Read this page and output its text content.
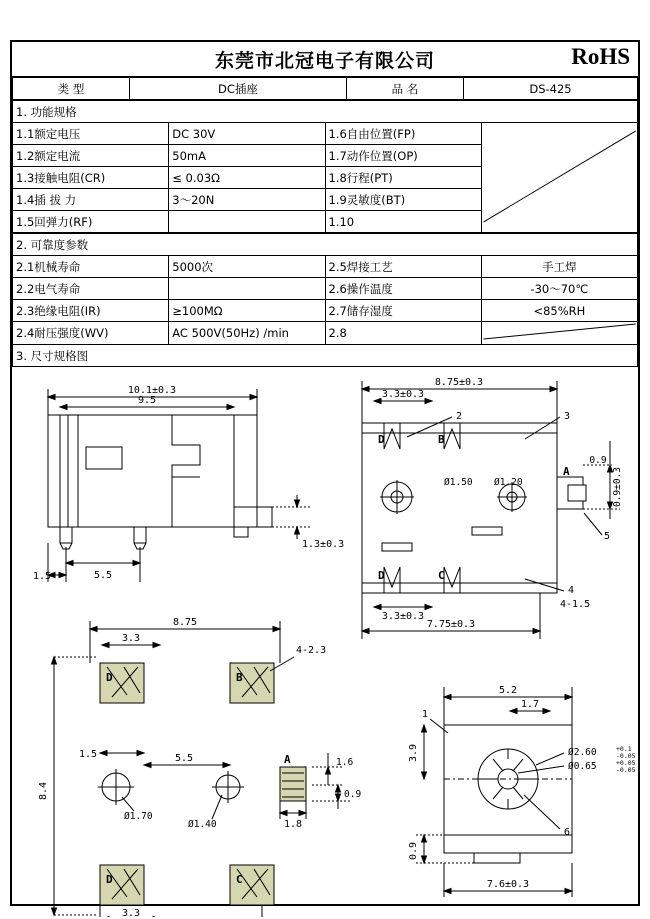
东莞市北冠电子有限公司	RoHS
类 型	DC插座	品 名	DS-425
1. 功能规格			
1.1额定电压	DC 30V	1.6自由位置(FP)	
1.2额定电流	50mA	1.7动作位置(OP)	
1.3接触电阻(CR)	≤ 0.03Ω	1.8行程(PT)	
1.4插 拔 力	3～20N	1.9灵敏度(BT)	
1.5回弹力(RF)		1.10	
2. 可靠度参数			
2.1机械寿命	5000次	2.5焊接工艺	手工焊
2.2电气寿命		2.6操作温度	-30～70℃
2.3绝缘电阻(IR)	≥100MΩ	2.7储存湿度	<85%RH
2.4耐压强度(WV)	AC 500V(50Hz) /min	2.8	
3. 尺寸规格图			
10.1±0.3
9.5
1.3±0.3
1.5	5.5
8.75±0.3
3.3±0.3
D	B
D	C
Ø1.50 Ø1.20
A
0.9
0.9±0.3
2	3
4
5
4-1.5
3.3±0.3
7.75±0.3
8.75
3.3
8.4
D	B
D	C
A
4-2.3
Ø1.70
Ø1.40
1.5	5.5	1.6
0.9
1.8
3.3
5.2
1.7
1
6
Ø2.60	+0.1
-0.05
Ø0.65	+0.05
-0.05
3.9
0.9
7.6±0.3
